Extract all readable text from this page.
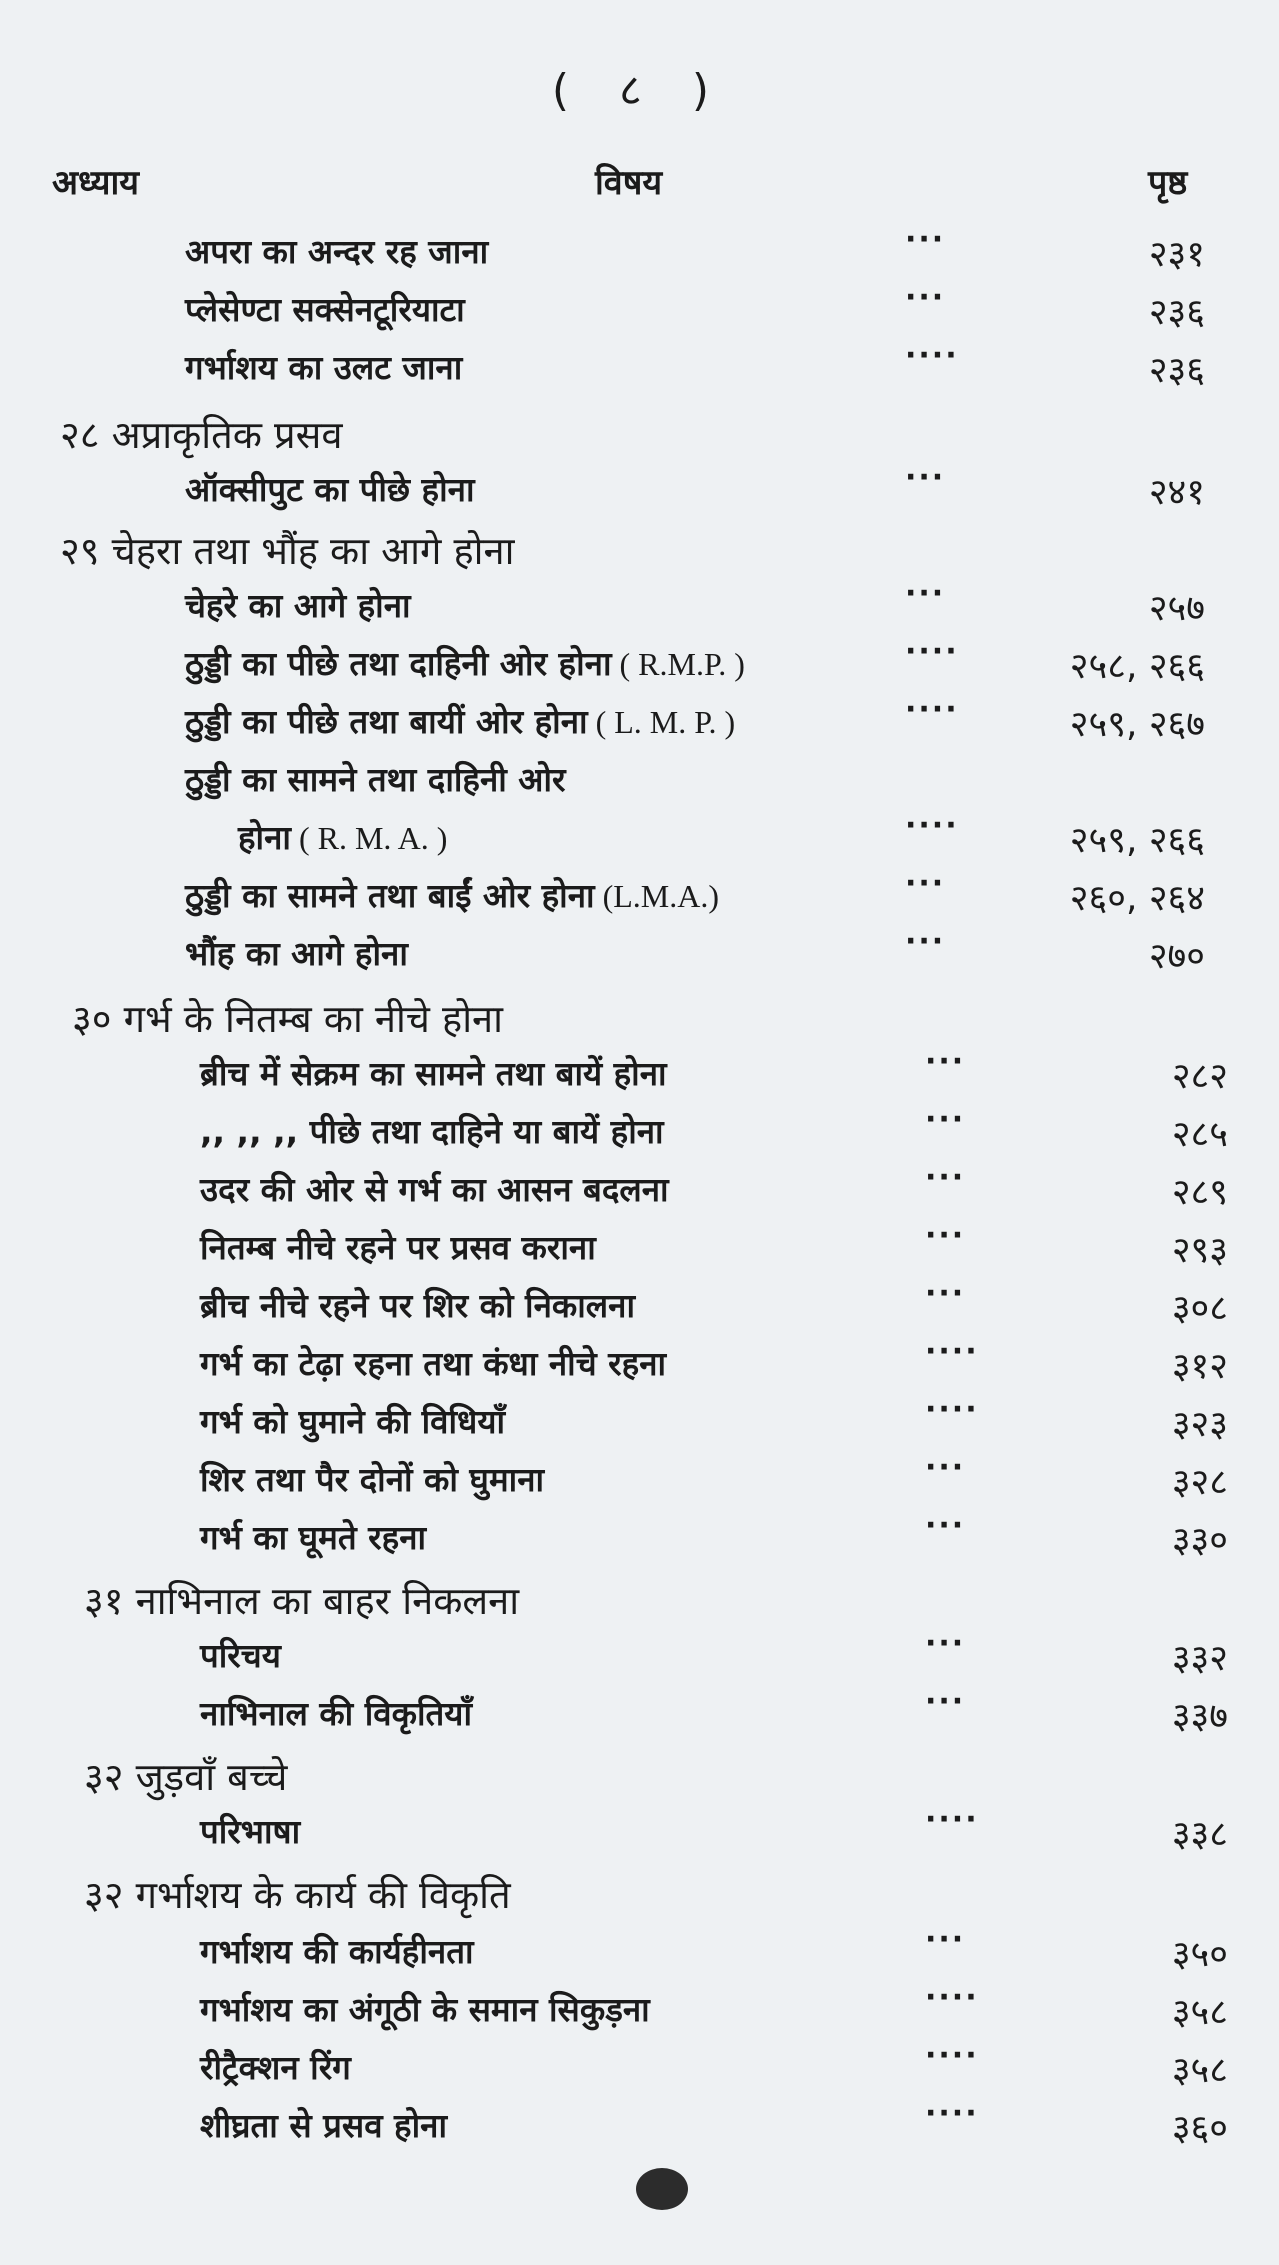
( ८ )
अध्याय	विषय	पृष्ठ
अपरा का अन्दर रह जाना	···	२३१
प्लेसेण्टा सक्सेनटूरियाटा	···	२३६
गर्भाशय का उलट जाना	····	२३६
२८ अप्राकृतिक प्रसव
ऑक्सीपुट का पीछे होना	···	२४१
२९ चेहरा तथा भौंह का आगे होना
चेहरे का आगे होना	···	२५७
ठुड्डी का पीछे तथा दाहिनी ओर होना ( R.M.P. )	····	२५८, २६६
ठुड्डी का पीछे तथा बायीं ओर होना ( L. M. P. )	····	२५९, २६७
ठुड्डी का सामने तथा दाहिनी ओर
होना ( R. M. A. )	····	२५९, २६६
ठुड्डी का सामने तथा बाईं ओर होना (L.M.A.)	···	२६०, २६४
भौंह का आगे होना	···	२७०
३० गर्भ के नितम्ब का नीचे होना
ब्रीच में सेक्रम का सामने तथा बायें होना	···	२८२
,, ,, ,, पीछे तथा दाहिने या बायें होना	···	२८५
उदर की ओर से गर्भ का आसन बदलना	···	२८९
नितम्ब नीचे रहने पर प्रसव कराना	···	२९३
ब्रीच नीचे रहने पर शिर को निकालना	···	३०८
गर्भ का टेढ़ा रहना तथा कंधा नीचे रहना	····	३१२
गर्भ को घुमाने की विधियाँ	····	३२३
शिर तथा पैर दोनों को घुमाना	···	३२८
गर्भ का घूमते रहना	···	३३०
३१ नाभिनाल का बाहर निकलना
परिचय	···	३३२
नाभिनाल की विकृतियाँ	···	३३७
३२ जुड़वाँ बच्चे
परिभाषा	····	३३८
३२ गर्भाशय के कार्य की विकृति
गर्भाशय की कार्यहीनता	···	३५०
गर्भाशय का अंगूठी के समान सिकुड़ना	····	३५८
रीट्रैक्शन रिंग	····	३५८
शीघ्रता से प्रसव होना	····	३६०
